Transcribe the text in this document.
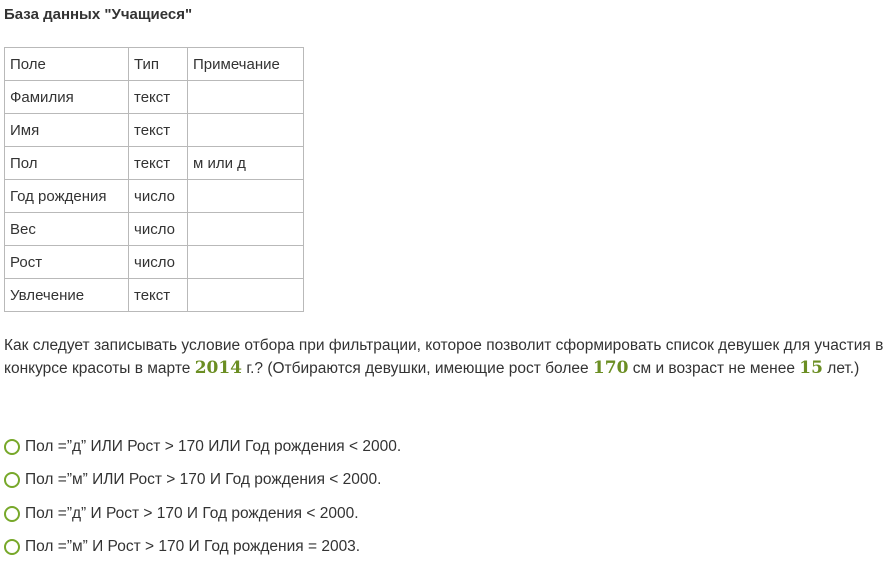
База данных "Учащиеся"
Поле	Тип	Примечание
Фамилия	текст	
Имя	текст	
Пол	текст	м или д
Год рождения	число	
Вес	число	
Рост	число	
Увлечение	текст	
Как следует записывать условие отбора при фильтрации, которое позволит сформировать список девушек для участия в конкурсе красоты в марте 2014 г.? (Отбираются девушки, имеющие рост более 170 см и возраст не менее 15 лет.)
Пол =”д” ИЛИ Рост > 170 ИЛИ Год рождения < 2000.
Пол =”м” ИЛИ Рост > 170 И Год рождения < 2000.
Пол =”д” И Рост > 170 И Год рождения < 2000.
Пол =”м” И Рост > 170 И Год рождения = 2003.
